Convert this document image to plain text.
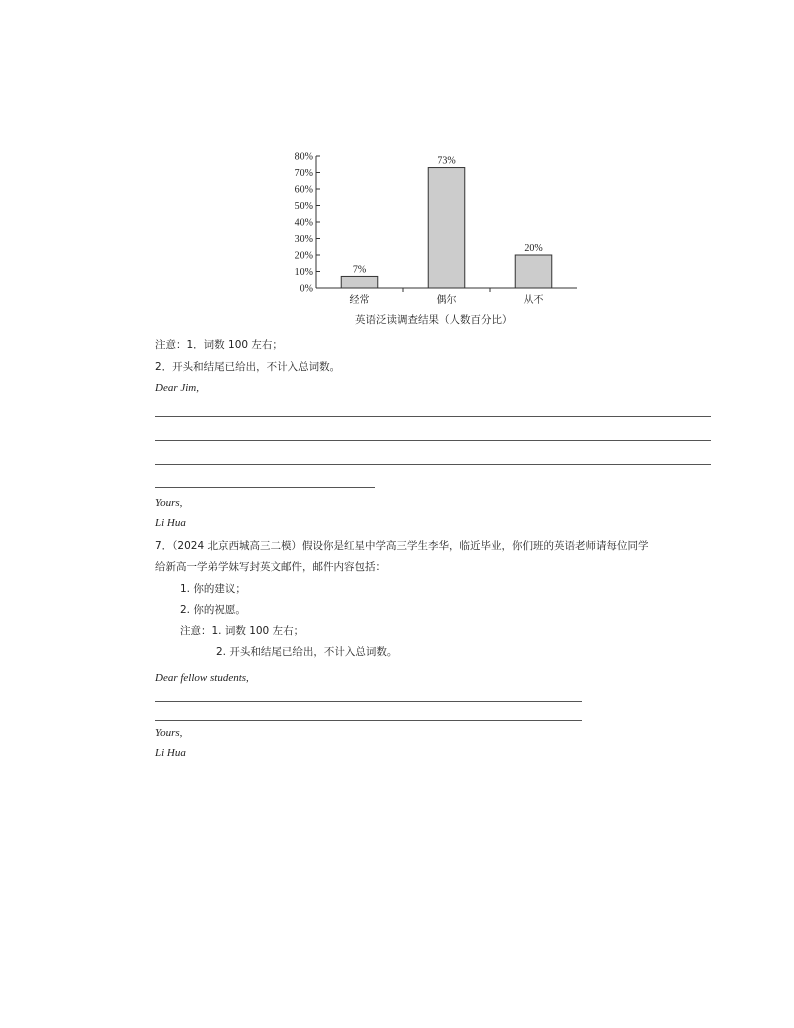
0%
10%
20%
30%
40%
50%
60%
70%
80%
7%
73%
20%
经常	偶尔	从不
英语泛读调查结果（人数百分比）
注意：1．词数 100 左右；
2．开头和结尾已给出，不计入总词数。
Dear Jim,
Yours,
Li Hua
7．（2024 北京西城高三二模）假设你是红星中学高三学生李华，临近毕业，你们班的英语老师请每位同学
给新高一学弟学妹写封英文邮件，邮件内容包括：
1. 你的建议；
2. 你的祝愿。
注意：1. 词数 100 左右；
2. 开头和结尾已给出，不计入总词数。
Dear fellow students,
Yours,
Li Hua
